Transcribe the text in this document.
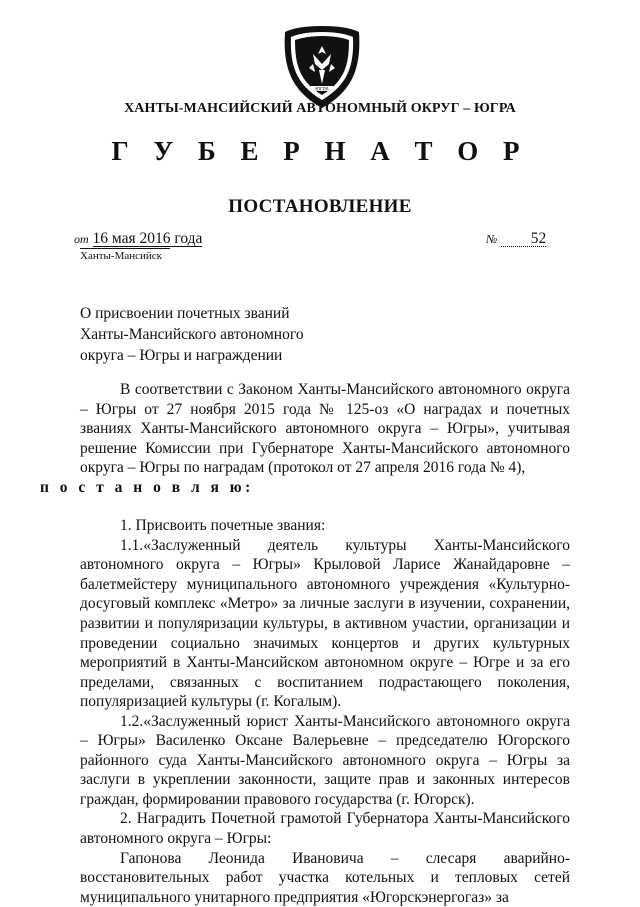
ЮГРА
ХАНТЫ-МАНСИЙСКИЙ АВТОНОМНЫЙ ОКРУГ – ЮГРА
Г У Б Е Р Н А Т О Р
ПОСТАНОВЛЕНИЕ
от 16 мая 2016 года
Ханты-Мансийск
№ 52
О присвоении почетных званий
Ханты-Мансийского автономного
округа – Югры и награждении

В соответствии с Законом Ханты-Мансийского автономного округа – Югры от 27 ноября 2015 года № 125-оз «О наградах и почетных званиях Ханты-Мансийского автономного округа – Югры», учитывая решение Комиссии при Губернаторе Ханты-Мансийского автономного округа – Югры по наградам (протокол от 27 апреля 2016 года № 4),
п о с т а н о в л я ю:

1. Присвоить почетные звания:

1.1.«Заслуженный деятель культуры Ханты-Мансийского автономного округа – Югры» Крыловой Ларисе Жанайдаровне – балетмейстеру муниципального автономного учреждения «Культурно-досуговый комплекс «Метро» за личные заслуги в изучении, сохранении, развитии и популяризации культуры, в активном участии, организации и проведении социально значимых концертов и других культурных мероприятий в Ханты-Мансийском автономном округе – Югре и за его пределами, связанных с воспитанием подрастающего поколения, популяризацией культуры (г. Когалым).

1.2.«Заслуженный юрист Ханты-Мансийского автономного округа – Югры» Василенко Оксане Валерьевне – председателю Югорского районного суда Ханты-Мансийского автономного округа – Югры за заслуги в укреплении законности, защите прав и законных интересов граждан, формировании правового государства (г. Югорск).

2. Наградить Почетной грамотой Губернатора Ханты-Мансийского автономного округа – Югры:

Гапонова Леонида Ивановича – слесаря аварийно-восстановительных работ участка котельных и тепловых сетей муниципального унитарного предприятия «Югорскэнергогаз» за
